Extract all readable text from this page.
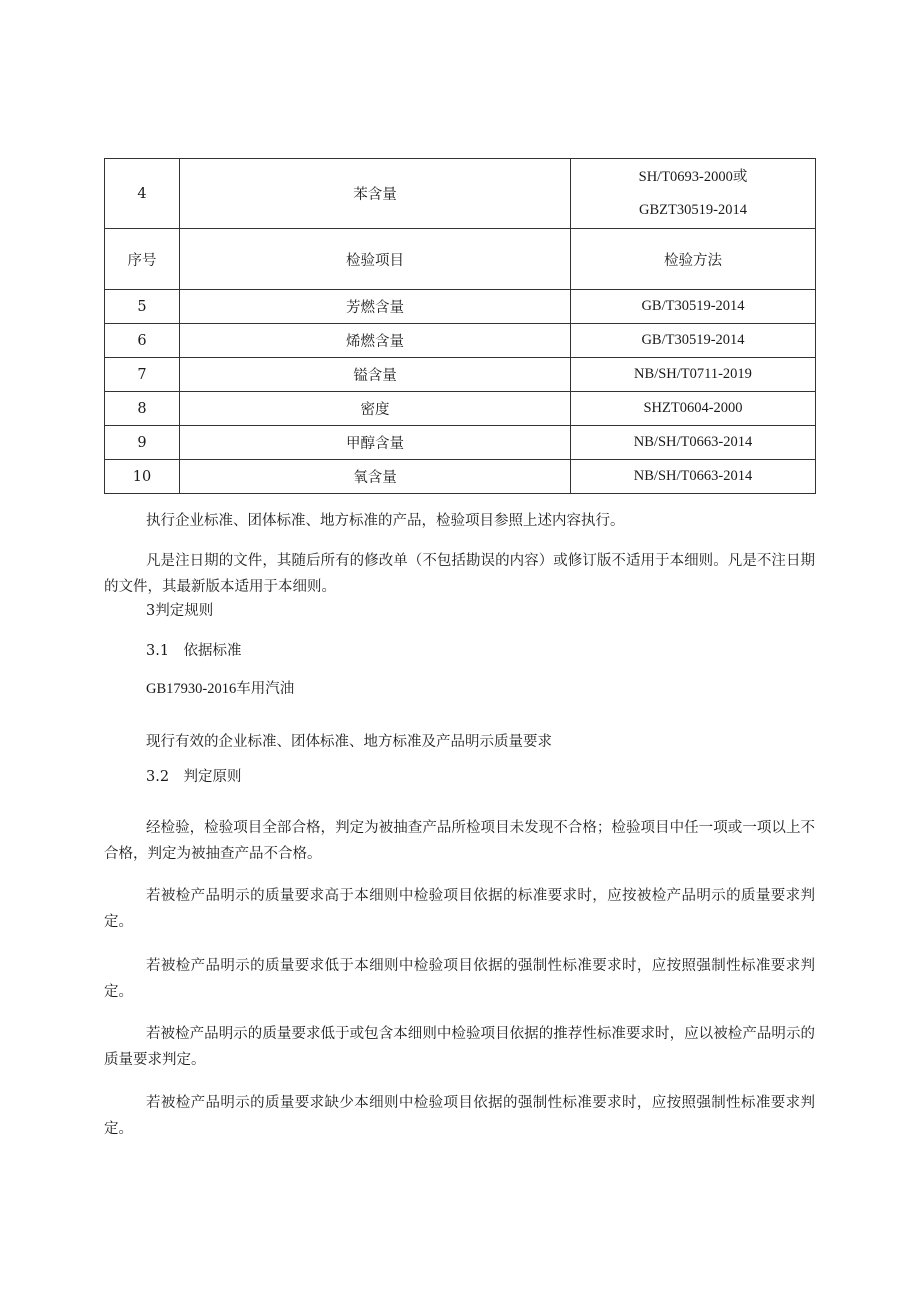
4	苯含量	SH/T0693-2000或
GBZT30519-2014

序号	检验项目	检验方法
5	芳燃含量	GB/T30519-2014
6	烯燃含量	GB/T30519-2014
7	镒含量	NB/SH/T0711-2019
8	密度	SHZT0604-2000
9	甲醇含量	NB/SH/T0663-2014
10	氧含量	NB/SH/T0663-2014

执行企业标准、团体标准、地方标准的产品，检验项目参照上述内容执行。

凡是注日期的文件，其随后所有的修改单（不包括勘误的内容）或修订版不适用于本细则。凡是不注日期的文件，其最新版本适用于本细则。

3判定规则

3.1　依据标准

GB17930-2016车用汽油

现行有效的企业标准、团体标准、地方标准及产品明示质量要求

3.2　判定原则

经检验，检验项目全部合格，判定为被抽查产品所检项目未发现不合格；检验项目中任一项或一项以上不合格，判定为被抽查产品不合格。

若被检产品明示的质量要求高于本细则中检验项目依据的标准要求时，应按被检产品明示的质量要求判定。

若被检产品明示的质量要求低于本细则中检验项目依据的强制性标准要求时，应按照强制性标准要求判定。

若被检产品明示的质量要求低于或包含本细则中检验项目依据的推荐性标准要求时，应以被检产品明示的质量要求判定。

若被检产品明示的质量要求缺少本细则中检验项目依据的强制性标准要求时，应按照强制性标准要求判定。
